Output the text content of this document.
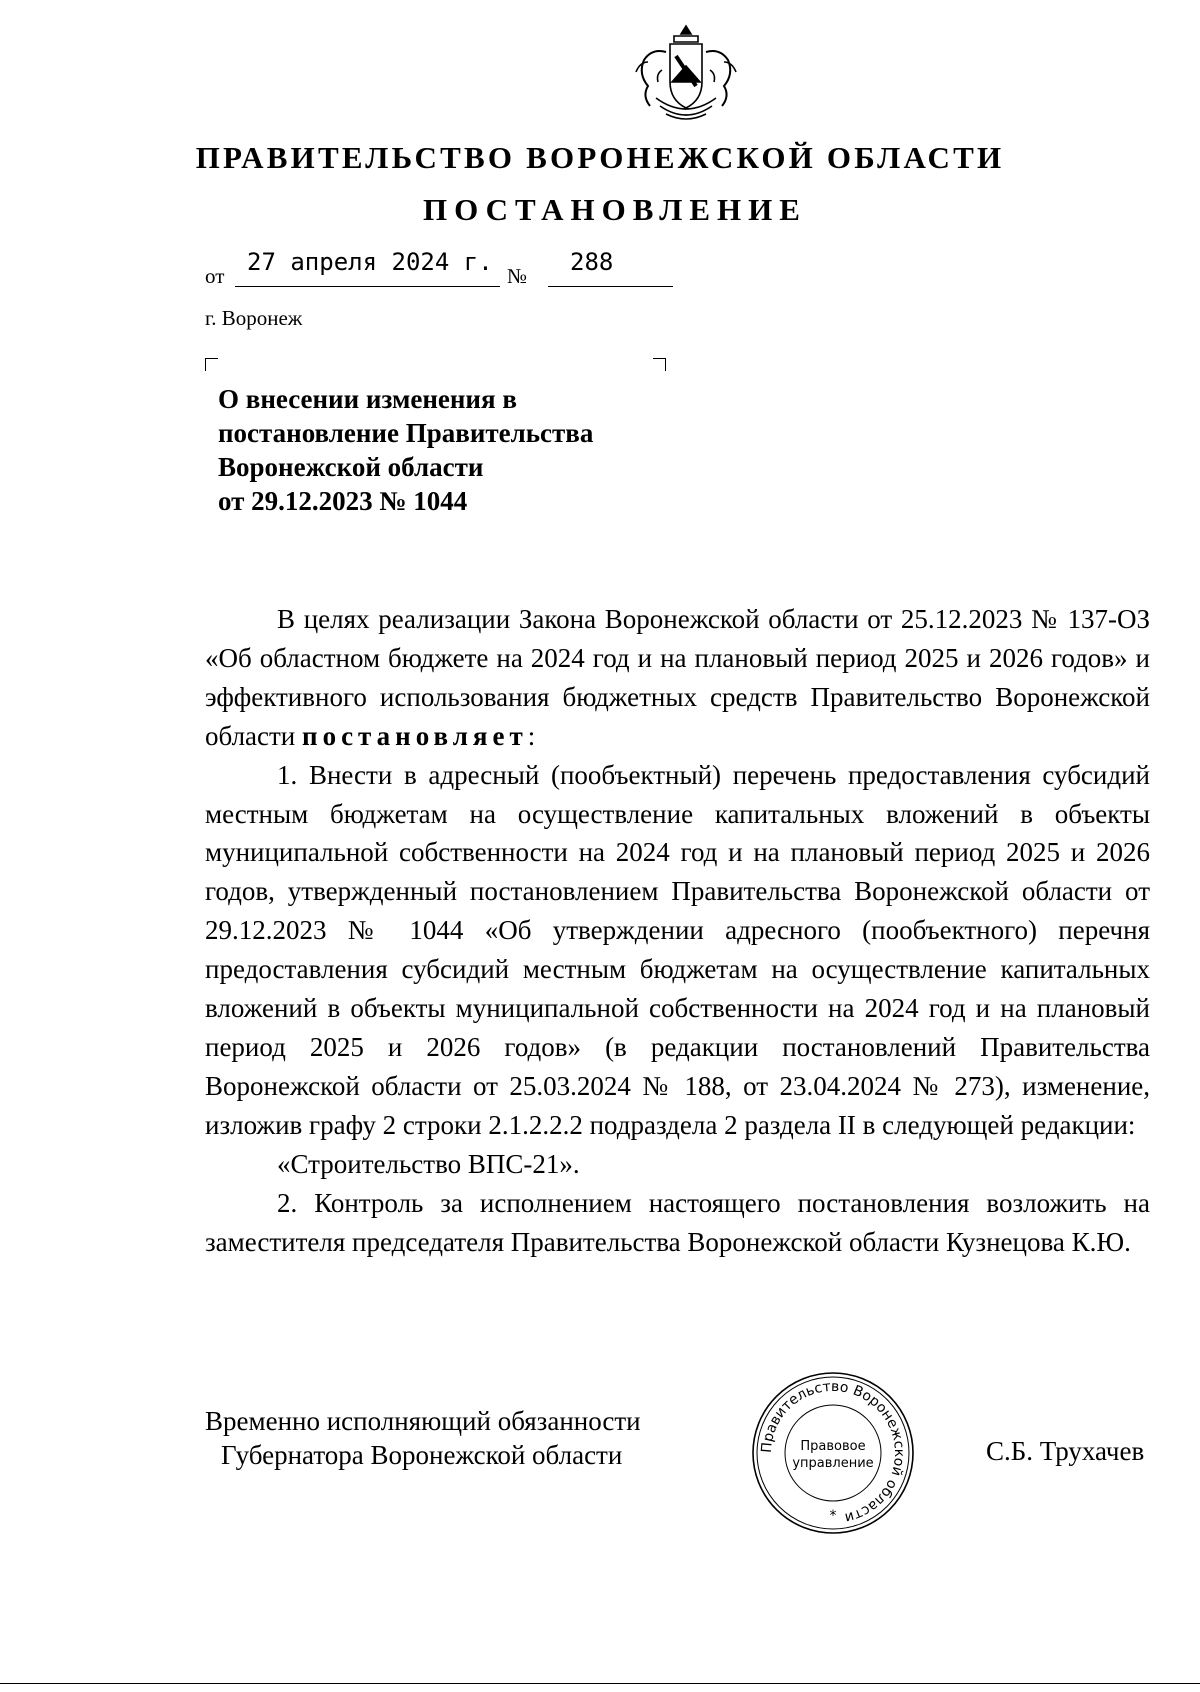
ПРАВИТЕЛЬСТВО ВОРОНЕЖСКОЙ ОБЛАСТИ
ПОСТАНОВЛЕНИЕ
от 27 апреля 2024 г. № 288
г. Воронеж
О внесении изменения в
постановление Правительства
Воронежской области
от 29.12.2023 № 1044

В целях реализации Закона Воронежской области от 25.12.2023 № 137-ОЗ «Об областном бюджете на 2024 год и на плановый период 2025 и 2026 годов» и эффективного использования бюджетных средств Правительство Воронежской области постановляет:

1. Внести в адресный (пообъектный) перечень предоставления субсидий местным бюджетам на осуществление капитальных вложений в объекты муниципальной собственности на 2024 год и на плановый период 2025 и 2026 годов, утвержденный постановлением Правительства Воронежской области от 29.12.2023 № 1044 «Об утверждении адресного (пообъектного) перечня предоставления субсидий местным бюджетам на осуществление капитальных вложений в объекты муниципальной собственности на 2024 год и на плановый период 2025 и 2026 годов» (в редакции постановлений Правительства Воронежской области от 25.03.2024 № 188, от 23.04.2024 № 273), изменение, изложив графу 2 строки 2.1.2.2.2 подраздела 2 раздела II в следующей редакции:

«Строительство ВПС-21».

2. Контроль за исполнением настоящего постановления возложить на заместителя председателя Правительства Воронежской области Кузнецова К.Ю.

Временно исполняющий обязанности
Губернатора Воронежской области	Правительство Воронежской области
Правовое
управление
*
С.Б. Трухачев
